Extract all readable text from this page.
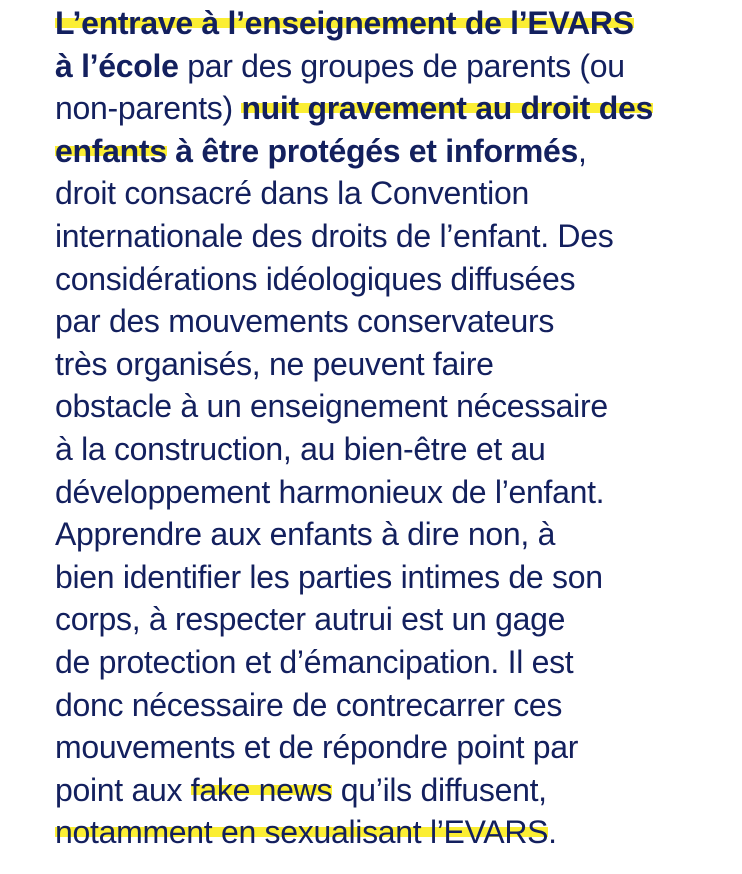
L’entrave à l’enseignement de l’EVARS
à l’école par des groupes de parents (ou
non-parents) nuit gravement au droit des
enfants à être protégés et informés,
droit consacré dans la Convention
internationale des droits de l’enfant. Des
considérations idéologiques diffusées
par des mouvements conservateurs
très organisés, ne peuvent faire
obstacle à un enseignement nécessaire
à la construction, au bien-être et au
développement harmonieux de l’enfant.
Apprendre aux enfants à dire non, à
bien identifier les parties intimes de son
corps, à respecter autrui est un gage
de protection et d’émancipation. Il est
donc nécessaire de contrecarrer ces
mouvements et de répondre point par
point aux fake news qu’ils diffusent,
notamment en sexualisant l’EVARS.
